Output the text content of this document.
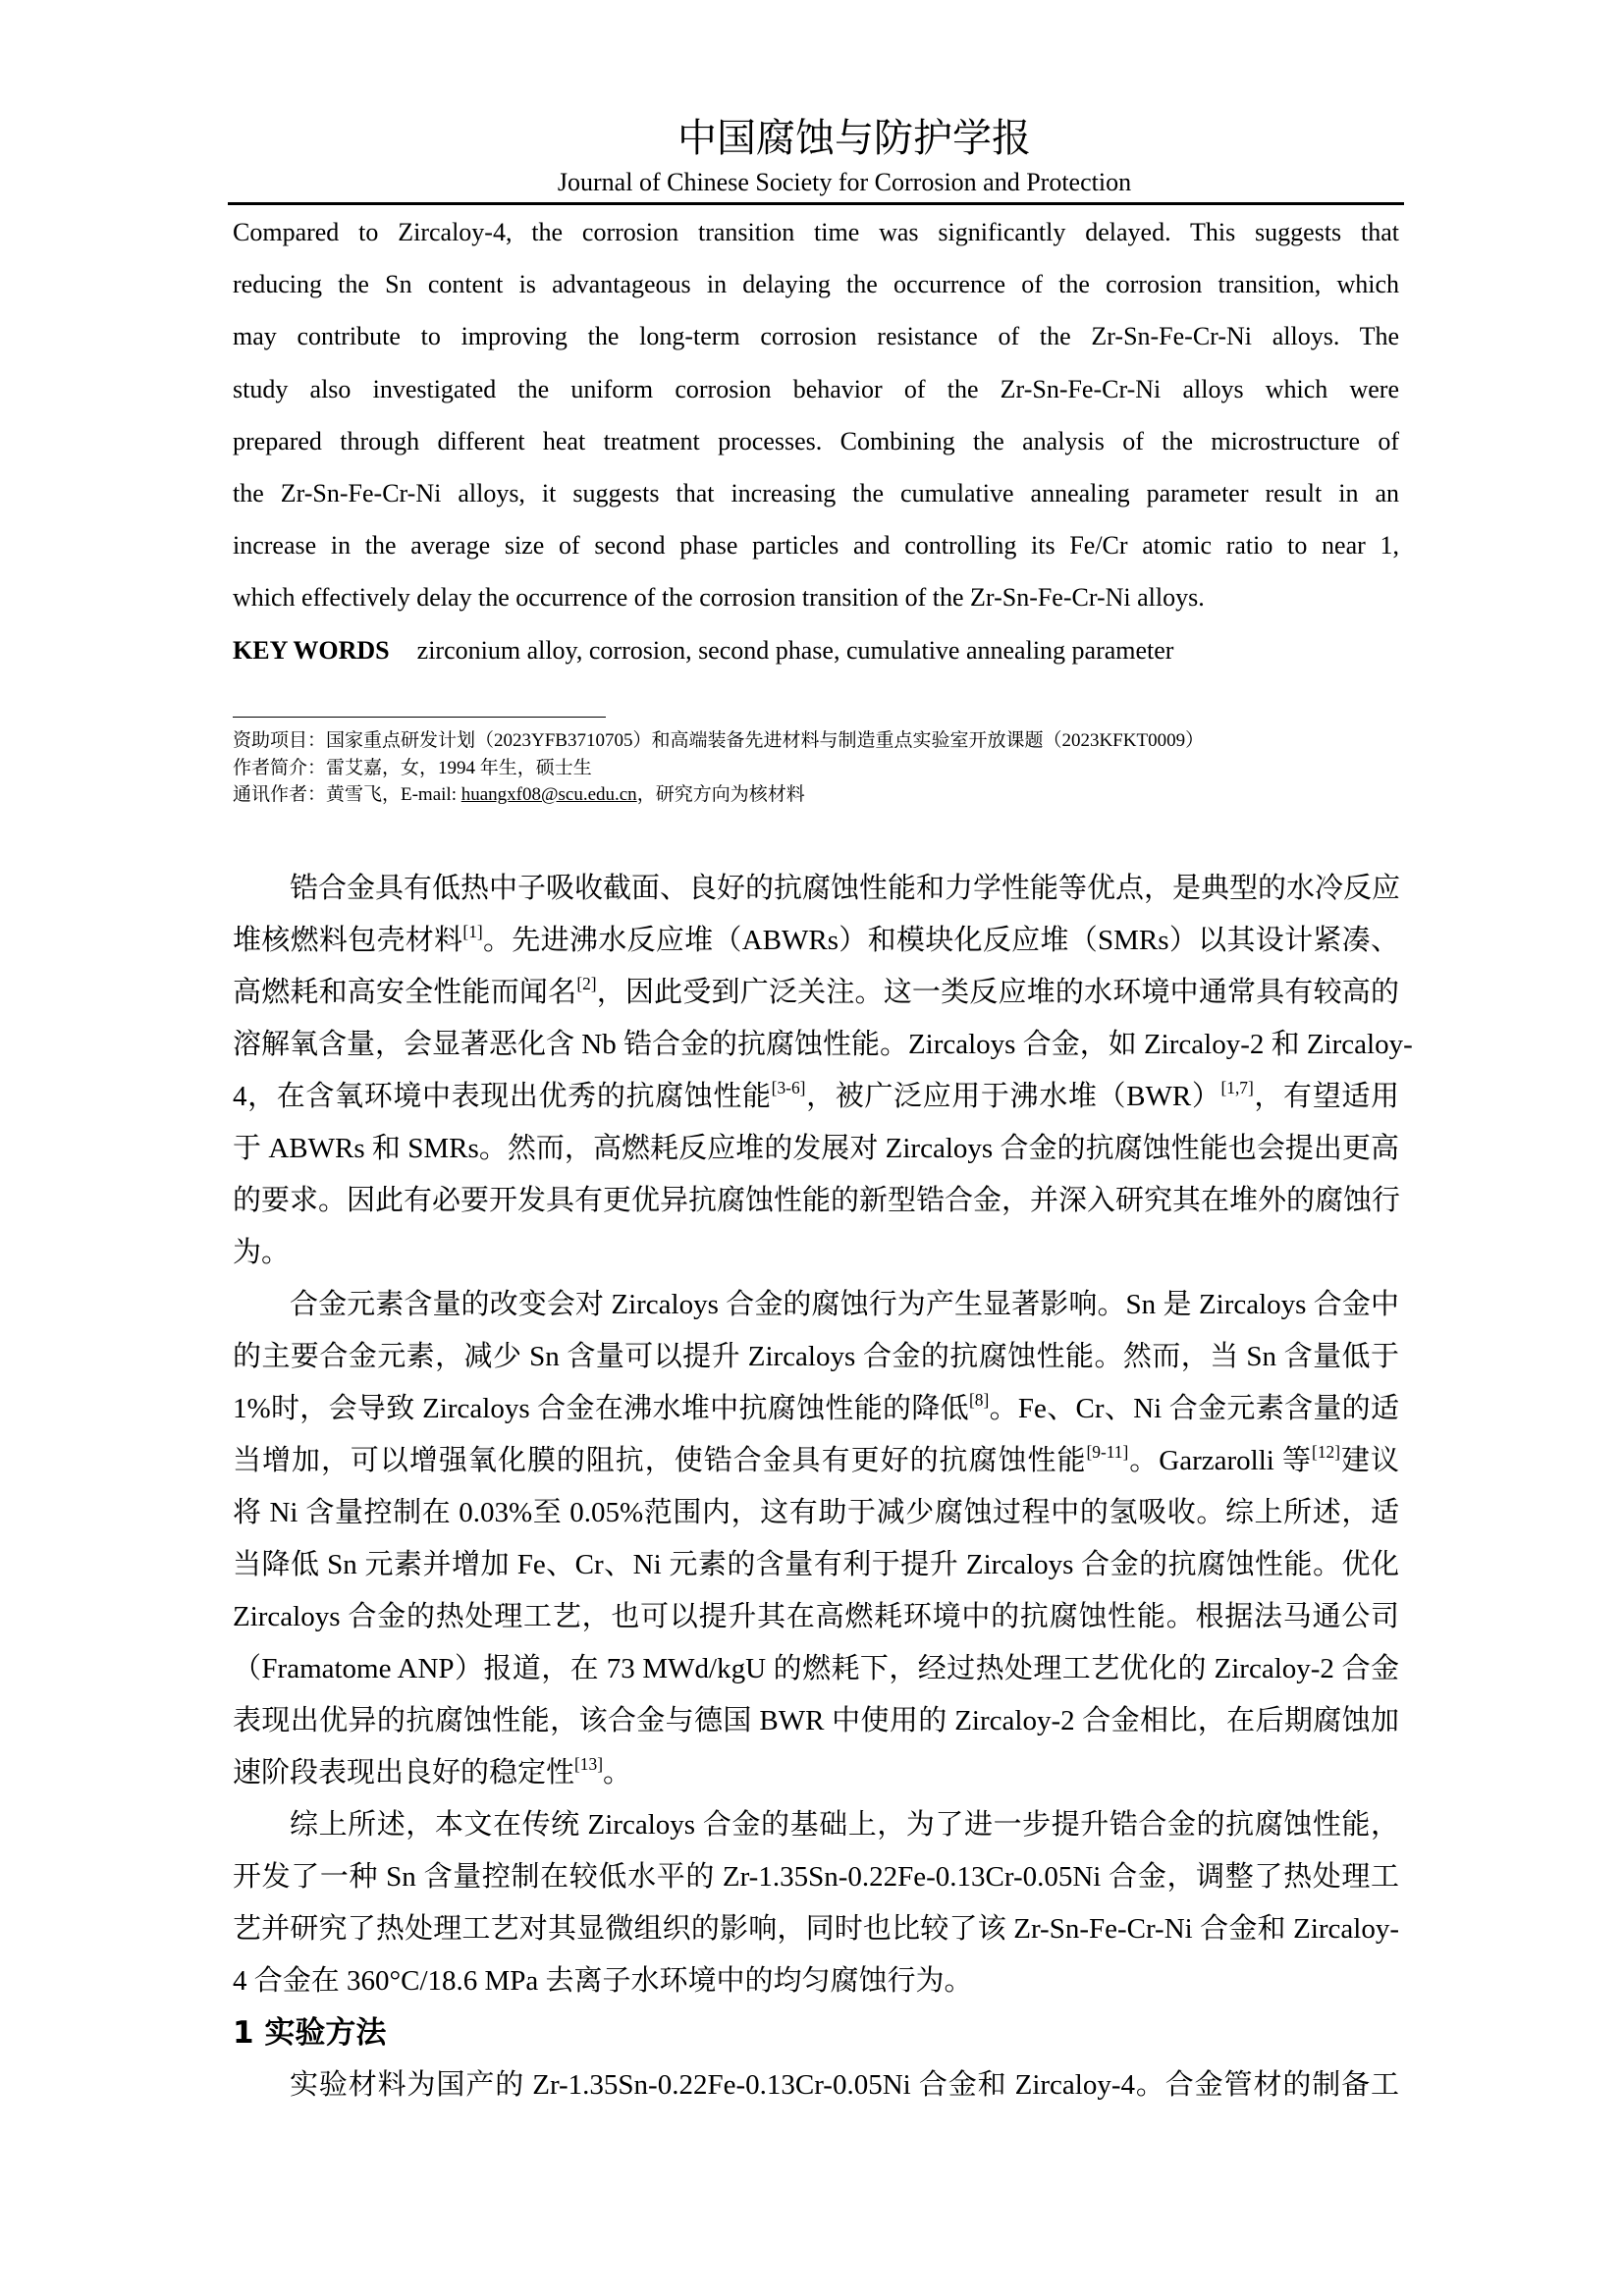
中国腐蚀与防护学报
Journal of Chinese Society for Corrosion and Protection
Compared to Zircaloy-4, the corrosion transition time was significantly delayed. This suggests that
reducing the Sn content is advantageous in delaying the occurrence of the corrosion transition, which
may contribute to improving the long-term corrosion resistance of the Zr-Sn-Fe-Cr-Ni alloys. The
study also investigated the uniform corrosion behavior of the Zr-Sn-Fe-Cr-Ni alloys which were
prepared through different heat treatment processes. Combining the analysis of the microstructure of
the Zr-Sn-Fe-Cr-Ni alloys, it suggests that increasing the cumulative annealing parameter result in an
increase in the average size of second phase particles and controlling its Fe/Cr atomic ratio to near 1,
which effectively delay the occurrence of the corrosion transition of the Zr-Sn-Fe-Cr-Ni alloys.
KEY WORDS zirconium alloy, corrosion, second phase, cumulative annealing parameter
资助项目：国家重点研发计划（2023YFB3710705）和高端装备先进材料与制造重点实验室开放课题（2023KFKT0009）
作者简介：雷艾嘉，女，1994 年生，硕士生
通讯作者：黄雪飞，E-mail: huangxf08@scu.edu.cn，研究方向为核材料
锆合金具有低热中子吸收截面、良好的抗腐蚀性能和力学性能等优点，是典型的水冷反应
堆核燃料包壳材料[1]。先进沸水反应堆（ABWRs）和模块化反应堆（SMRs）以其设计紧凑、
高燃耗和高安全性能而闻名[2]，因此受到广泛关注。这一类反应堆的水环境中通常具有较高的
溶解氧含量，会显著恶化含 Nb 锆合金的抗腐蚀性能。Zircaloys 合金，如 Zircaloy-2 和 Zircaloy-
4，在含氧环境中表现出优秀的抗腐蚀性能[3-6]，被广泛应用于沸水堆（BWR）[1,7]，有望适用
于 ABWRs 和 SMRs。然而，高燃耗反应堆的发展对 Zircaloys 合金的抗腐蚀性能也会提出更高
的要求。因此有必要开发具有更优异抗腐蚀性能的新型锆合金，并深入研究其在堆外的腐蚀行
为。
合金元素含量的改变会对 Zircaloys 合金的腐蚀行为产生显著影响。Sn 是 Zircaloys 合金中
的主要合金元素，减少 Sn 含量可以提升 Zircaloys 合金的抗腐蚀性能。然而，当 Sn 含量低于
1%时，会导致 Zircaloys 合金在沸水堆中抗腐蚀性能的降低[8]。Fe、Cr、Ni 合金元素含量的适
当增加，可以增强氧化膜的阻抗，使锆合金具有更好的抗腐蚀性能[9-11]。Garzarolli 等[12]建议
将 Ni 含量控制在 0.03%至 0.05%范围内，这有助于减少腐蚀过程中的氢吸收。综上所述，适
当降低 Sn 元素并增加 Fe、Cr、Ni 元素的含量有利于提升 Zircaloys 合金的抗腐蚀性能。优化
Zircaloys 合金的热处理工艺，也可以提升其在高燃耗环境中的抗腐蚀性能。根据法马通公司
（Framatome ANP）报道，在 73 MWd/kgU 的燃耗下，经过热处理工艺优化的 Zircaloy-2 合金
表现出优异的抗腐蚀性能，该合金与德国 BWR 中使用的 Zircaloy-2 合金相比，在后期腐蚀加
速阶段表现出良好的稳定性[13]。
综上所述，本文在传统 Zircaloys 合金的基础上，为了进一步提升锆合金的抗腐蚀性能，
开发了一种 Sn 含量控制在较低水平的 Zr-1.35Sn-0.22Fe-0.13Cr-0.05Ni 合金，调整了热处理工
艺并研究了热处理工艺对其显微组织的影响，同时也比较了该 Zr-Sn-Fe-Cr-Ni 合金和 Zircaloy-
4 合金在 360°C/18.6 MPa 去离子水环境中的均匀腐蚀行为。
1 实验方法
实验材料为国产的 Zr-1.35Sn-0.22Fe-0.13Cr-0.05Ni 合金和 Zircaloy-4。合金管材的制备工
